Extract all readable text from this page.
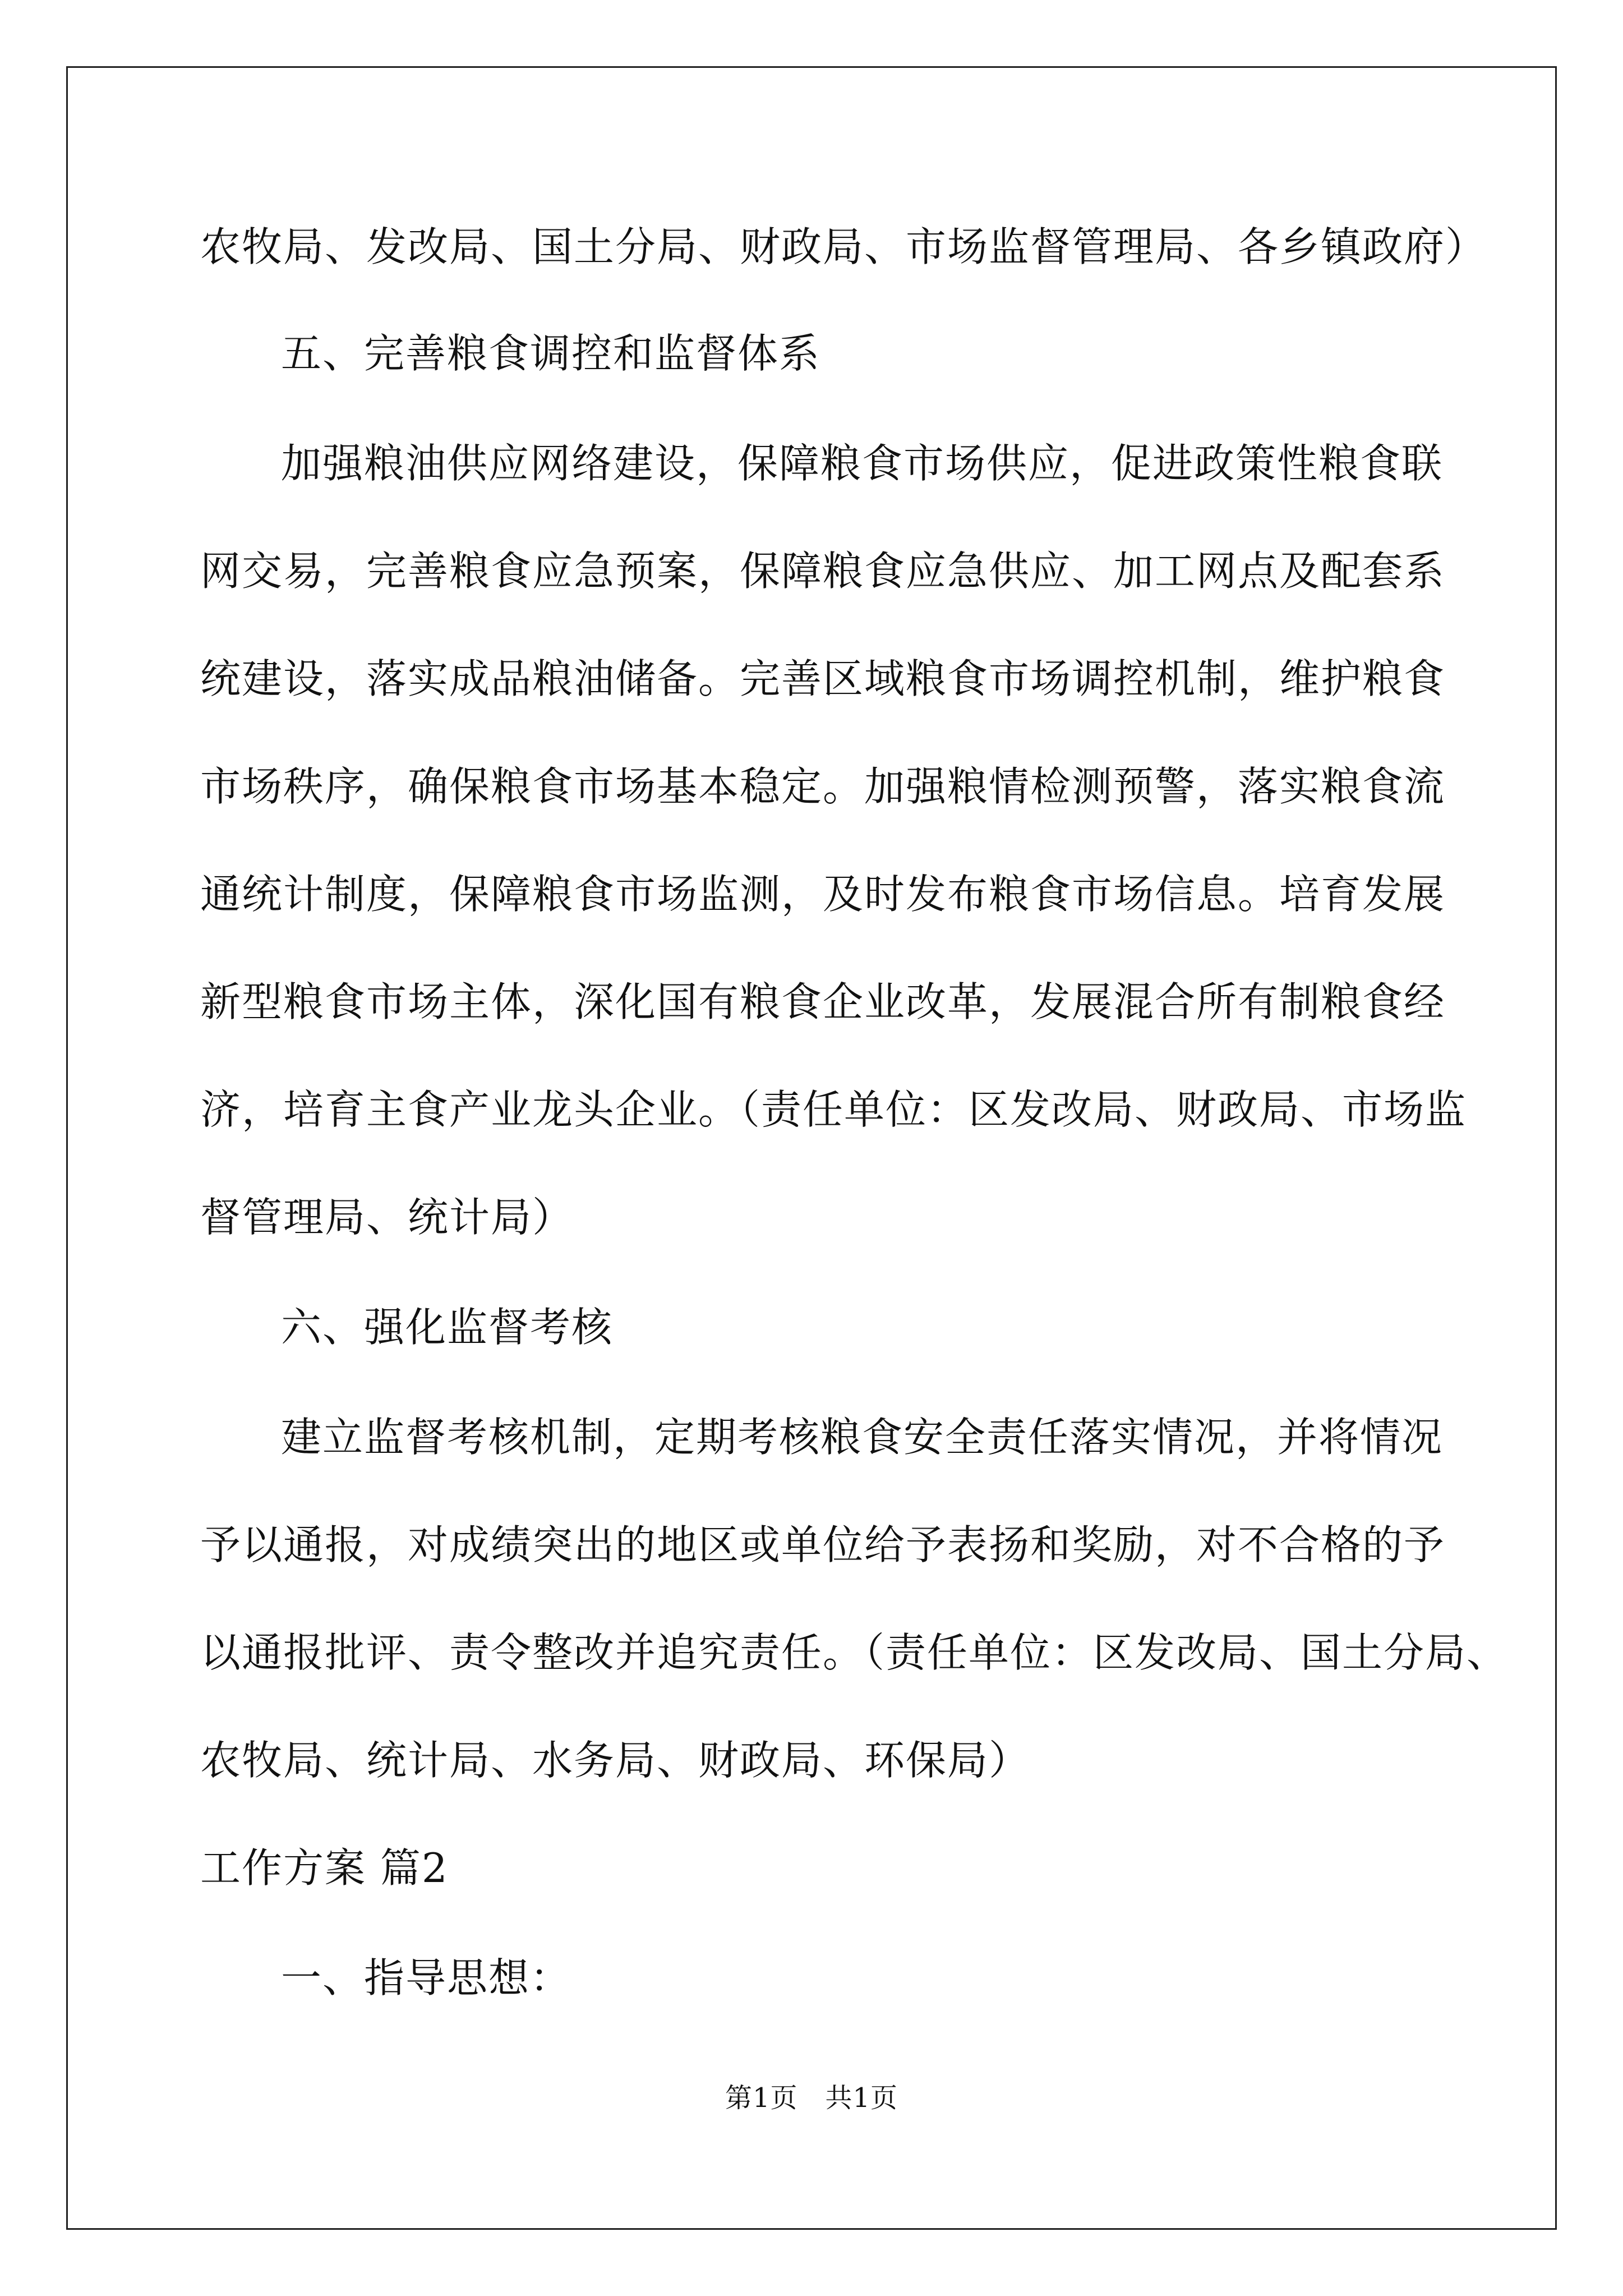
农牧局、发改局、国土分局、财政局、市场监督管理局、各乡镇政府）
五、完善粮食调控和监督体系
加强粮油供应网络建设，保障粮食市场供应，促进政策性粮食联
网交易，完善粮食应急预案，保障粮食应急供应、加工网点及配套系
统建设，落实成品粮油储备。完善区域粮食市场调控机制，维护粮食
市场秩序，确保粮食市场基本稳定。加强粮情检测预警，落实粮食流
通统计制度，保障粮食市场监测，及时发布粮食市场信息。培育发展
新型粮食市场主体，深化国有粮食企业改革，发展混合所有制粮食经
济，培育主食产业龙头企业。（责任单位：区发改局、财政局、市场监
督管理局、统计局）
六、强化监督考核
建立监督考核机制，定期考核粮食安全责任落实情况，并将情况
予以通报，对成绩突出的地区或单位给予表扬和奖励，对不合格的予
以通报批评、责令整改并追究责任。（责任单位：区发改局、国土分局、
农牧局、统计局、水务局、财政局、环保局）
工作方案 篇2
一、指导思想：
第1页　共1页
